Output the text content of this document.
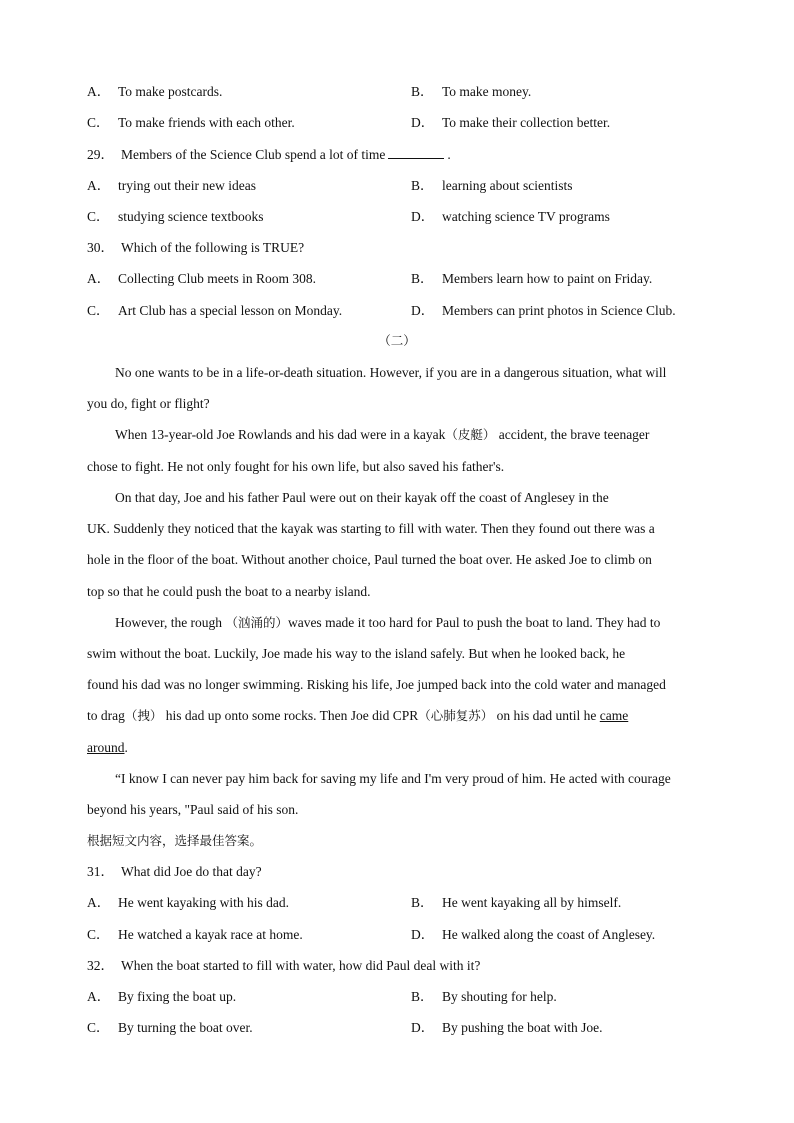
A． To make postcards.	B． To make money.
C． To make friends with each other.	D． To make their collection better.
29． Members of the Science Club spend a lot of time	.
A． trying out their new ideas	B． learning about scientists
C． studying science textbooks	D． watching science TV programs
30． Which of the following is TRUE?
A． Collecting Club meets in Room 308.	B． Members learn how to paint on Friday.
C． Art Club has a special lesson on Monday.	D． Members can print photos in Science Club.
（二）
No one wants to be in a life-or-death situation. However, if you are in a dangerous situation, what will
you do, fight or flight?
When 13-year-old Joe Rowlands and his dad were in a kayak（皮艇） accident, the brave teenager
chose to fight. He not only fought for his own life, but also saved his father's.
On that day, Joe and his father Paul were out on their kayak off the coast of Anglesey in the
UK. Suddenly they noticed that the kayak was starting to fill with water. Then they found out there was a
hole in the floor of the boat. Without another choice, Paul turned the boat over. He asked Joe to climb on
top so that he could push the boat to a nearby island.
However, the rough （汹涌的）waves made it too hard for Paul to push the boat to land. They had to
swim without the boat. Luckily, Joe made his way to the island safely. But when he looked back, he
found his dad was no longer swimming. Risking his life, Joe jumped back into the cold water and managed
to drag（拽） his dad up onto some rocks. Then Joe did CPR（心肺复苏） on his dad until he came
around.
“I know I can never pay him back for saving my life and I'm very proud of him. He acted with courage
beyond his years, "Paul said of his son.
根据短文内容，选择最佳答案。
31． What did Joe do that day?
A． He went kayaking with his dad.	B． He went kayaking all by himself.
C． He watched a kayak race at home.	D． He walked along the coast of Anglesey.
32． When the boat started to fill with water, how did Paul deal with it?
A． By fixing the boat up.	B． By shouting for help.
C． By turning the boat over.	D． By pushing the boat with Joe.
